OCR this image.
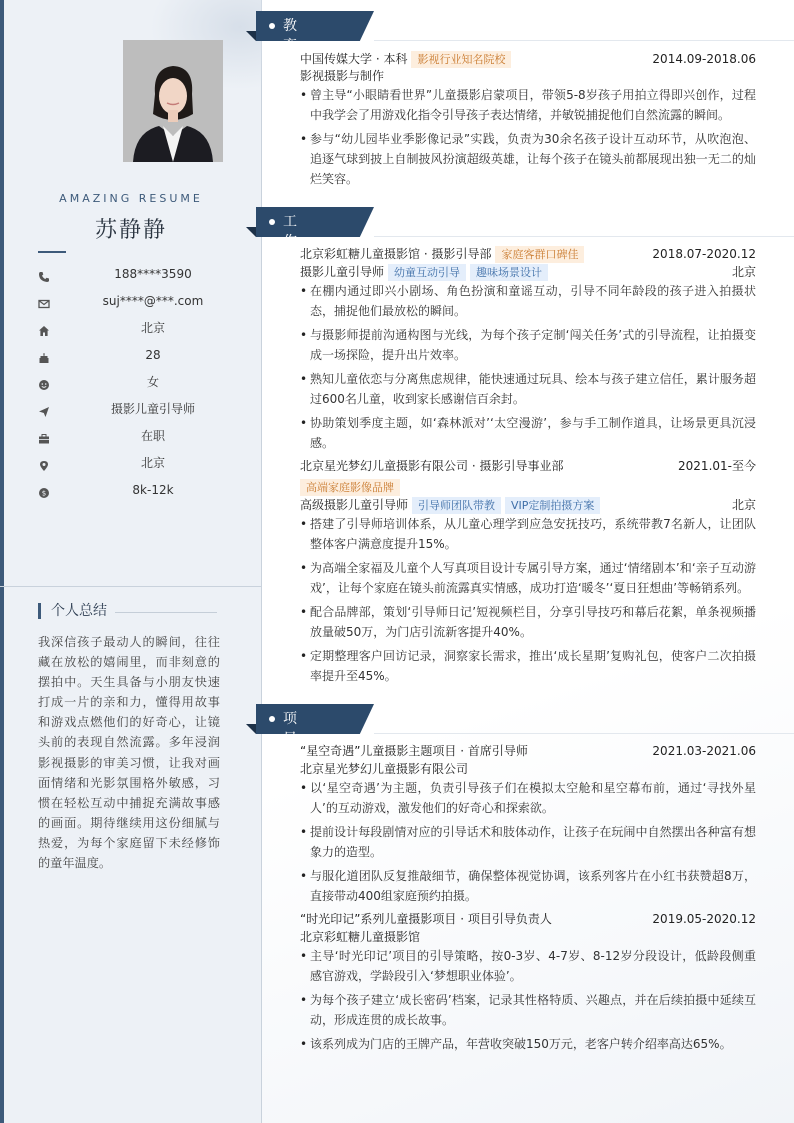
AMAZING RESUME
苏静静
188****3590
suj****@***.com
北京
28
女
摄影儿童引导师
在职
北京
$	8k-12k
个人总结
我深信孩子最动人的瞬间，往往藏在放松的嬉闹里，而非刻意的摆拍中。天生具备与小朋友快速打成一片的亲和力，懂得用故事和游戏点燃他们的好奇心，让镜头前的表现自然流露。多年浸润影视摄影的审美习惯，让我对画面情绪和光影氛围格外敏感，习惯在轻松互动中捕捉充满故事感的画面。期待继续用这份细腻与热爱，为每个家庭留下未经修饰的童年温度。
教育经历
中国传媒大学 · 本科 影视行业知名院校	2014.09-2018.06
影视摄影与制作
• 曾主导“小眼睛看世界”儿童摄影启蒙项目，带领5-8岁孩子用拍立得即兴创作，过程中我学会了用游戏化指令引导孩子表达情绪，并敏锐捕捉他们自然流露的瞬间。
• 参与“幼儿园毕业季影像记录”实践，负责为30余名孩子设计互动环节，从吹泡泡、追逐气球到披上自制披风扮演超级英雄，让每个孩子在镜头前都展现出独一无二的灿烂笑容。
工作经历
北京彩虹糖儿童摄影馆 · 摄影引导部 家庭客群口碑佳	2018.07-2020.12
摄影儿童引导师 幼童互动引导 趣味场景设计	北京
• 在棚内通过即兴小剧场、角色扮演和童谣互动，引导不同年龄段的孩子进入拍摄状态，捕捉他们最放松的瞬间。
• 与摄影师提前沟通构图与光线，为每个孩子定制‘闯关任务’式的引导流程，让拍摄变成一场探险，提升出片效率。
• 熟知儿童依恋与分离焦虑规律，能快速通过玩具、绘本与孩子建立信任，累计服务超过600名儿童，收到家长感谢信百余封。
• 协助策划季度主题，如‘森林派对’‘太空漫游’，参与手工制作道具，让场景更具沉浸感。
北京星光梦幻儿童摄影有限公司 · 摄影引导事业部	2021.01-至今
高端家庭影像品牌
高级摄影儿童引导师 引导师团队带教 VIP定制拍摄方案	北京
• 搭建了引导师培训体系，从儿童心理学到应急安抚技巧，系统带教7名新人，让团队整体客户满意度提升15%。
• 为高端全家福及儿童个人写真项目设计专属引导方案，通过‘情绪剧本’和‘亲子互动游戏’，让每个家庭在镜头前流露真实情感，成功打造‘暖冬’‘夏日狂想曲’等畅销系列。
• 配合品牌部，策划‘引导师日记’短视频栏目，分享引导技巧和幕后花絮，单条视频播放量破50万，为门店引流新客提升40%。
• 定期整理客户回访记录，洞察家长需求，推出‘成长星期’复购礼包，使客户二次拍摄率提升至45%。
项目经历
“星空奇遇”儿童摄影主题项目 · 首席引导师	2021.03-2021.06
北京星光梦幻儿童摄影有限公司
• 以‘星空奇遇’为主题，负责引导孩子们在模拟太空舱和星空幕布前，通过‘寻找外星人’的互动游戏，激发他们的好奇心和探索欲。
• 提前设计每段剧情对应的引导话术和肢体动作，让孩子在玩闹中自然摆出各种富有想象力的造型。
• 与服化道团队反复推敲细节，确保整体视觉协调，该系列客片在小红书获赞超8万，直接带动400组家庭预约拍摄。
“时光印记”系列儿童摄影项目 · 项目引导负责人	2019.05-2020.12
北京彩虹糖儿童摄影馆
• 主导‘时光印记’项目的引导策略，按0-3岁、4-7岁、8-12岁分段设计，低龄段侧重感官游戏，学龄段引入‘梦想职业体验’。
• 为每个孩子建立‘成长密码’档案，记录其性格特质、兴趣点，并在后续拍摄中延续互动，形成连贯的成长故事。
• 该系列成为门店的王牌产品，年营收突破150万元，老客户转介绍率高达65%。
